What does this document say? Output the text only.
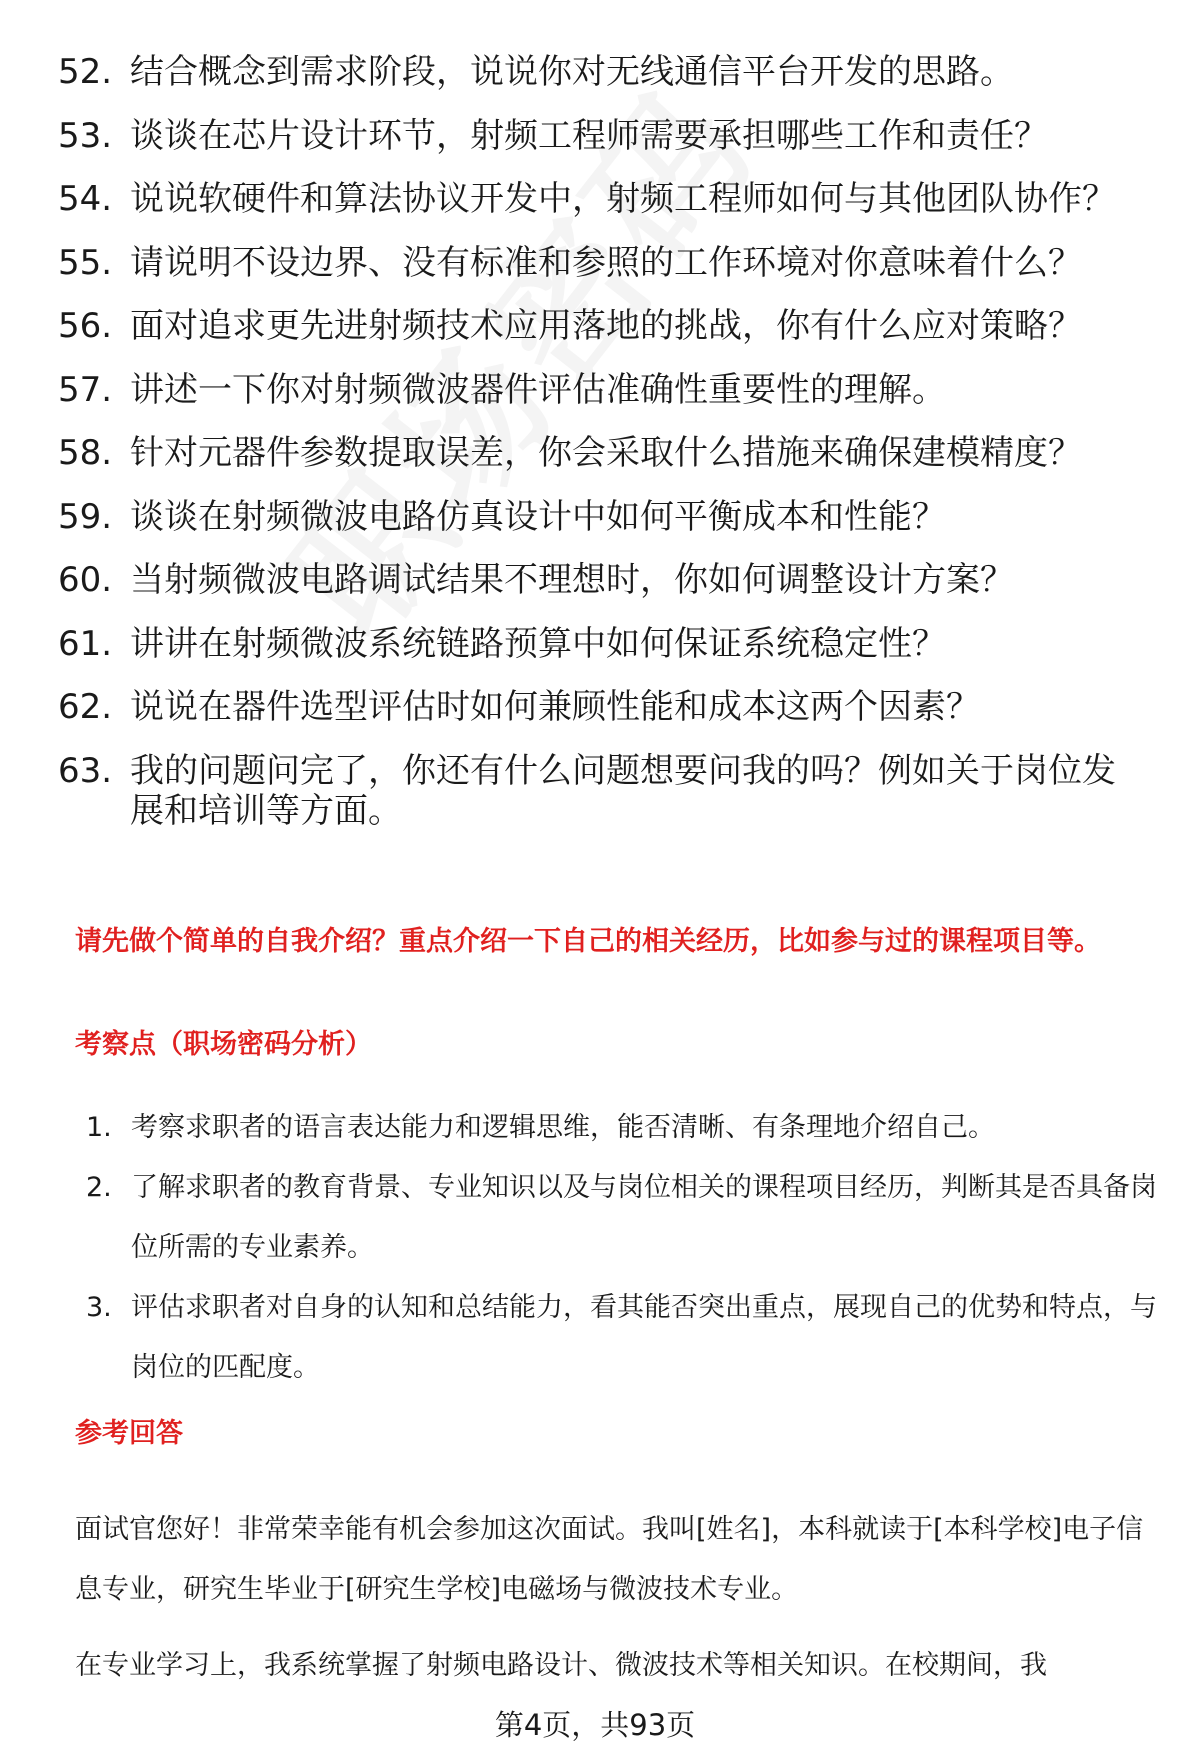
52. 结合概念到需求阶段，说说你对无线通信平台开发的思路。
53. 谈谈在芯片设计环节，射频工程师需要承担哪些工作和责任？
54. 说说软硬件和算法协议开发中，射频工程师如何与其他团队协作？
55. 请说明不设边界、没有标准和参照的工作环境对你意味着什么？
56. 面对追求更先进射频技术应用落地的挑战，你有什么应对策略？
57. 讲述一下你对射频微波器件评估准确性重要性的理解。
58. 针对元器件参数提取误差，你会采取什么措施来确保建模精度？
59. 谈谈在射频微波电路仿真设计中如何平衡成本和性能？
60. 当射频微波电路调试结果不理想时，你如何调整设计方案？
61. 讲讲在射频微波系统链路预算中如何保证系统稳定性？
62. 说说在器件选型评估时如何兼顾性能和成本这两个因素？
63. 我的问题问完了，你还有什么问题想要问我的吗？例如关于岗位发展和培训等方面。
请先做个简单的自我介绍？重点介绍一下自己的相关经历，比如参与过的课程项目等。
考察点（职场密码分析）
1. 考察求职者的语言表达能力和逻辑思维，能否清晰、有条理地介绍自己。
2. 了解求职者的教育背景、专业知识以及与岗位相关的课程项目经历，判断其是否具备岗位所需的专业素养。
3. 评估求职者对自身的认知和总结能力，看其能否突出重点，展现自己的优势和特点，与岗位的匹配度。
参考回答

面试官您好！非常荣幸能有机会参加这次面试。我叫[姓名]，本科就读于[本科学校]电子信息专业，研究生毕业于[研究生学校]电磁场与微波技术专业。

在专业学习上，我系统掌握了射频电路设计、微波技术等相关知识。在校期间，我

第4页，共93页
